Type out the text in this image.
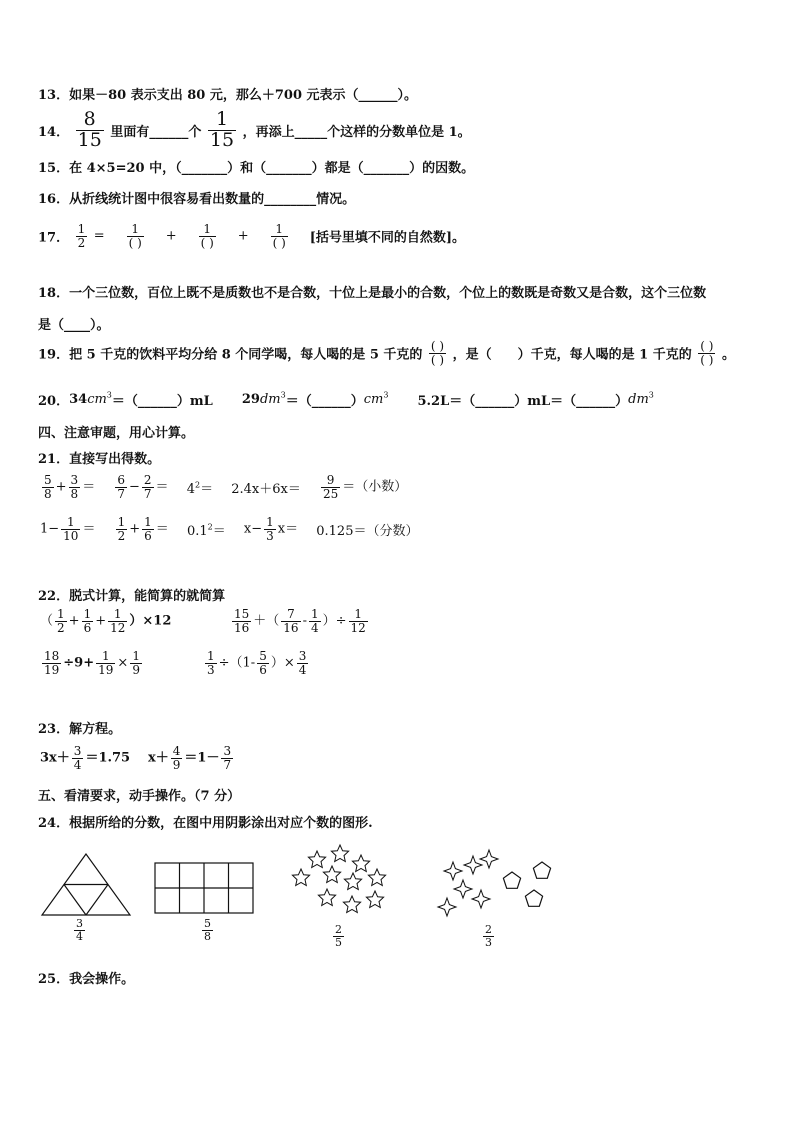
13．如果－80 表示支出 80 元，那么＋700 元表示（______）。
14． $\frac{8}{15}$ 里面有______个 $\frac{1}{15}$ ，再添上_____个这样的分数单位是 1。
15．在 4×5=20 中，（_______）和（_______）都是（_______）的因数。
16．从折线统计图中很容易看出数量的________情况。
17． $\frac{1}{2} = \frac{1}{( )} + \frac{1}{( )} + \frac{1}{( )}$ [括号里填不同的自然数]。
18．一个三位数，百位上既不是质数也不是合数，十位上是最小的合数，个位上的数既是奇数又是合数，这个三位数
是（____）。
19．把 5 千克的饮料平均分给 8 个同学喝，每人喝的是 5 千克的 $\frac{( )}{( )}$ ，是（　　）千克，每人喝的是 1 千克的 $\frac{( )}{( )}$ 。
20．$34cm^3=(\_\_\_\_\_\_)mL$ $29dm^3=(\_\_\_\_\_\_)cm^3$ $5.2L=(\_\_\_\_\_\_)mL=(\_\_\_\_\_\_)dm^3$
四、注意审题，用心计算。
21．直接写出得数。
$\frac{5}{8} + \frac{3}{8} = \frac{6}{7} - \frac{2}{7} = 4^2= 2.4x+6x= \frac{9}{25}$ ＝（小数）
$1- \frac{1}{10} = \frac{1}{2} + \frac{1}{6} = 0.1^2= x- \frac{1}{3} x= 0.125=$（分数）
22．脱式计算，能简算的就简算
（ $\frac{1}{2} + \frac{1}{6} + \frac{1}{12} )\times 12$	$\frac{15}{16}$ ＋（ $\frac{7}{16} - \frac{1}{4}$ ）÷ $\frac{1}{12}$
$\frac{18}{19} \div 9+ \frac{1}{19} \times \frac{1}{9}$	$\frac{1}{3} \div(1- \frac{5}{6}$ ）× $\frac{3}{4}$
23．解方程。
$3x+ \frac{3}{4} =1.75$ $x+ \frac{4}{9} =1- \frac{3}{7}$
五、看清要求，动手操作。（7 分）
24．根据所给的分数，在图中用阴影涂出对应个数的图形.
$\frac{3}{4}$	$\frac{5}{8}$	$\frac{2}{5}$	$\frac{2}{3}$
25．我会操作。
